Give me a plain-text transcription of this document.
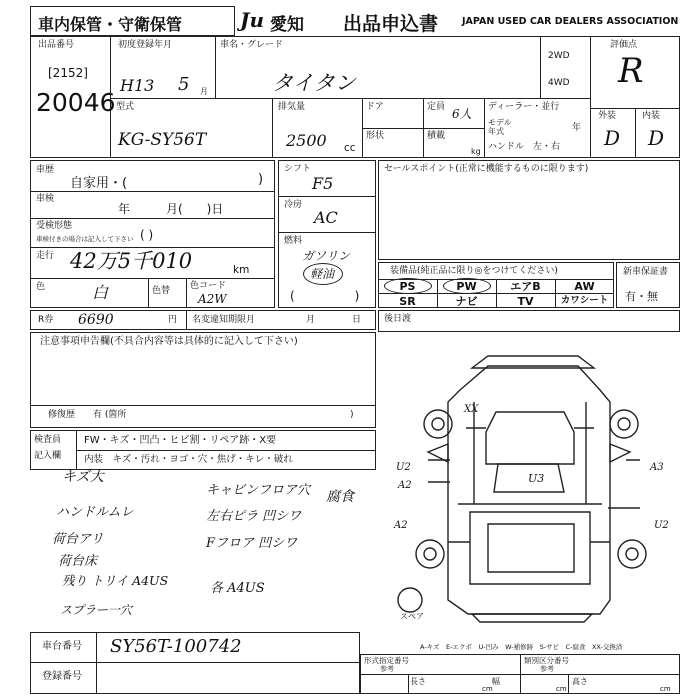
車内保管・守衛保管	Ju 愛知 出品申込書	JAPAN USED CAR DEALERS ASSOCIATION
出品番号
[2152]
20046
初度登録年月
H13 5 月
車名・グレード
タイタン
2WD
4WD
評価点
R
型式
KG-SY56T
排気量
2500 cc
ドア
形状
定員 6人
積載
kg
ディーラー・並行
モデル
年式	年
ハンドル　左・右
外装	内装
D D
車歴
自家用・(	)
車検
年　　　月(　　)日
受検形態
車検付きの場合は記入して下さい ( )
走行 42万5千010	km
色	白	色替 色コード
A2W
シフト
F5
冷房
AC
燃料
ガソリン
軽油
(　　　　　)
セールスポイント(正常に機能するものに限ります)
装備品(純正品に限り◎をつけてください)
PS	PW	エアB	AW
SR	ナビ	TV	カワシート
新車保証書
有・無
R券 6690	円 名変違知期限月	月	日	後日渡
注意事項申告欄(不具合内容等は具体的に記入して下さい)
修復歴　　有 (箇所	)
検査員
記入欄
FW・キズ・凹凸・ヒビ割・リペア跡・X要
内装　キズ・汚れ・ヨゴ・穴・焦げ・キレ・破れ
キズ大
ハンドルムレ
荷台アリ
荷台床
残り トリイ A4US
スプラー一穴
キャビンフロア穴
左右ピラ 凹シワ
Fフロア 凹シワ
各 A4US
腐食
XX
U2
A2
A2
U3
A3
U2
スペア
A-キズ　E-エクボ　U-凹み　W-補修跡　S-サビ　C-腐食　XX-交換済
車台番号 SY56T-100742
登録番号
形式指定番号
参考
類別区分番号
参考
長さ
cm
幅
cm
高さ
cm
